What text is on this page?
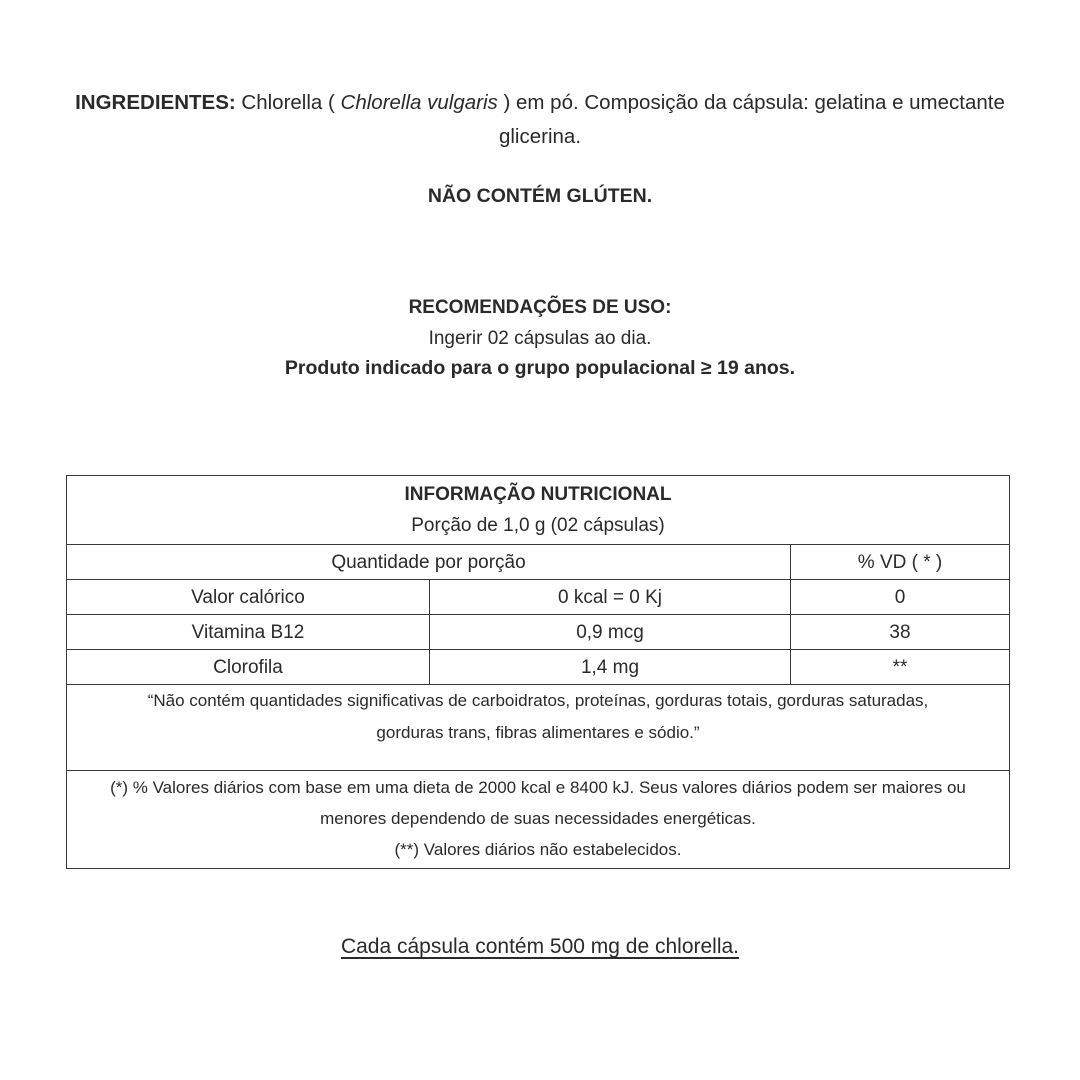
INGREDIENTES: Chlorella ( Chlorella vulgaris ) em pó. Composição da cápsula: gelatina e umectante glicerina.
NÃO CONTÉM GLÚTEN.
RECOMENDAÇÕES DE USO:
Ingerir 02 cápsulas ao dia.
Produto indicado para o grupo populacional ≥ 19 anos.
INFORMAÇÃO NUTRICIONAL
Porção de 1,0 g (02 cápsulas)
Quantidade por porção	% VD ( * )
Valor calórico	0 kcal = 0 Kj	0
Vitamina B12	0,9 mcg	38
Clorofila	1,4 mg	**
“Não contém quantidades significativas de carboidratos, proteínas, gorduras totais, gorduras saturadas, gorduras trans, fibras alimentares e sódio.”
(*) % Valores diários com base em uma dieta de 2000 kcal e 8400 kJ. Seus valores diários podem ser maiores ou menores dependendo de suas necessidades energéticas.
(**) Valores diários não estabelecidos.
Cada cápsula contém 500 mg de chlorella.
